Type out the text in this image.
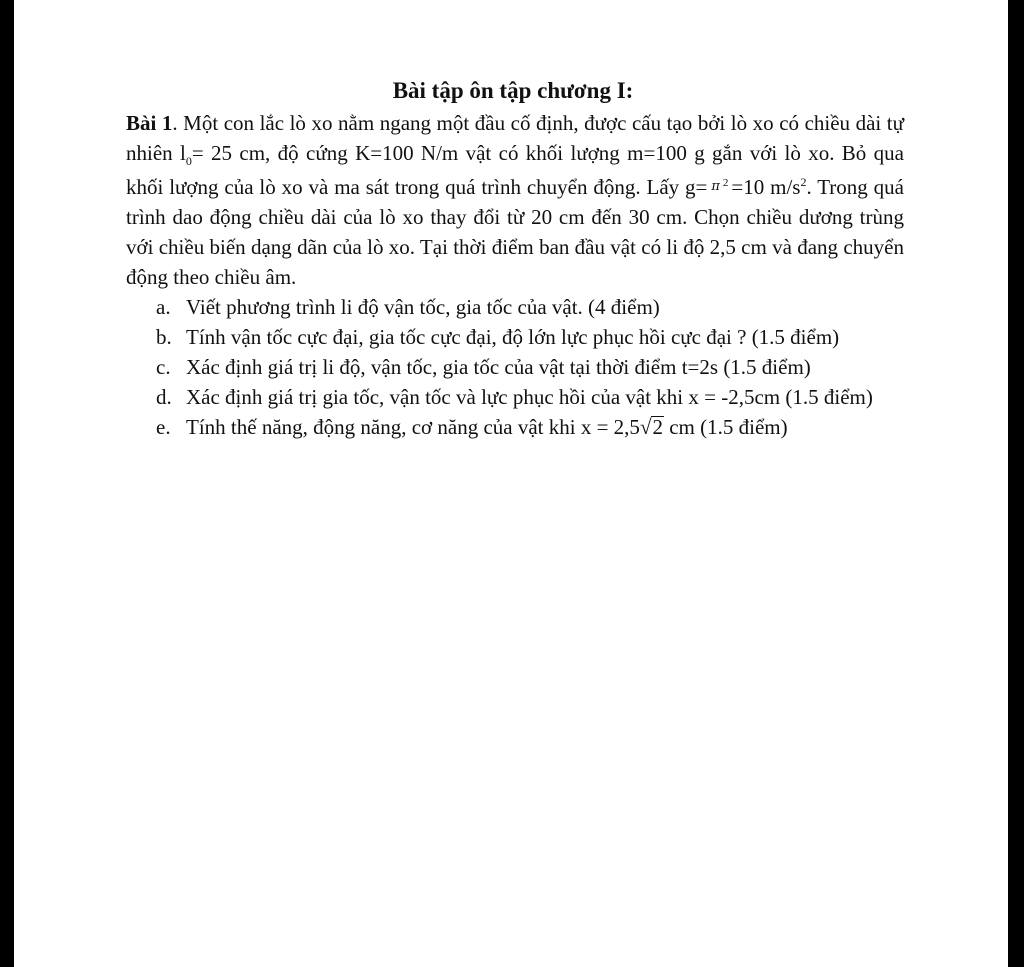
Bài tập ôn tập chương I:

Bài 1. Một con lắc lò xo nằm ngang một đầu cố định, được cấu tạo bởi lò xo có chiều dài tự nhiên $l_0= 25$ cm, độ cứng K=100 N/m vật có khối lượng m=100 g gắn với lò xo. Bỏ qua khối lượng của lò xo và ma sát trong quá trình chuyển động. Lấy g= π $^2$ =10 $m/s^2$. Trong quá trình dao động chiều dài của lò xo thay đổi từ 20 cm đến 30 cm. Chọn chiều dương trùng với chiều biến dạng dãn của lò xo. Tại thời điểm ban đầu vật có li độ 2,5 cm và đang chuyển động theo chiều âm.

a. Viết phương trình li độ vận tốc, gia tốc của vật. (4 điểm)
b. Tính vận tốc cực đại, gia tốc cực đại, độ lớn lực phục hồi cực đại ? (1.5 điểm)
c. Xác định giá trị li độ, vận tốc, gia tốc của vật tại thời điểm t=2s (1.5 điểm)
d. Xác định giá trị gia tốc, vận tốc và lực phục hồi của vật khi x = -2,5cm (1.5 điểm)
e. Tính thế năng, động năng, cơ năng của vật khi x = 2,5√2 cm (1.5 điểm)
